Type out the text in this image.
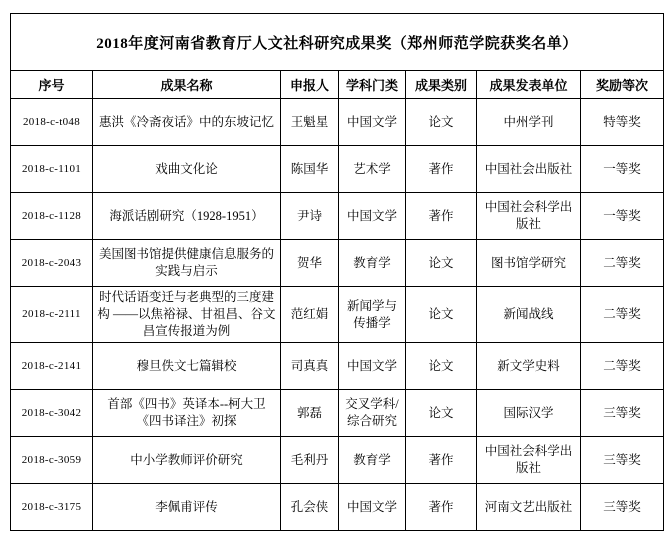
2018年度河南省教育厅人文社科研究成果奖（郑州师范学院获奖名单）						
序号	成果名称	申报人	学科门类	成果类别	成果发表单位	奖励等次
2018-c-t048	惠洪《冷斋夜话》中的东坡记忆	王魁星	中国文学	论文	中州学刊	特等奖
2018-c-1101	戏曲文化论	陈国华	艺术学	著作	中国社会出版社	一等奖
2018-c-1128	海派话剧研究（1928-1951）	尹诗	中国文学	著作	中国社会科学出版社	一等奖
2018-c-2043	美国图书馆提供健康信息服务的实践与启示	贺华	教育学	论文	图书馆学研究	二等奖
2018-c-2111	时代话语变迁与老典型的三度建构 ——以焦裕禄、甘祖昌、谷文昌宣传报道为例	范红娟	新闻学与传播学	论文	新闻战线	二等奖
2018-c-2141	穆旦佚文七篇辑校	司真真	中国文学	论文	新文学史料	二等奖
2018-c-3042	首部《四书》英译本--柯大卫《四书译注》初探	郭磊	交叉学科/综合研究	论文	国际汉学	三等奖
2018-c-3059	中小学教师评价研究	毛利丹	教育学	著作	中国社会科学出版社	三等奖
2018-c-3175	李佩甫评传	孔会侠	中国文学	著作	河南文艺出版社	三等奖
